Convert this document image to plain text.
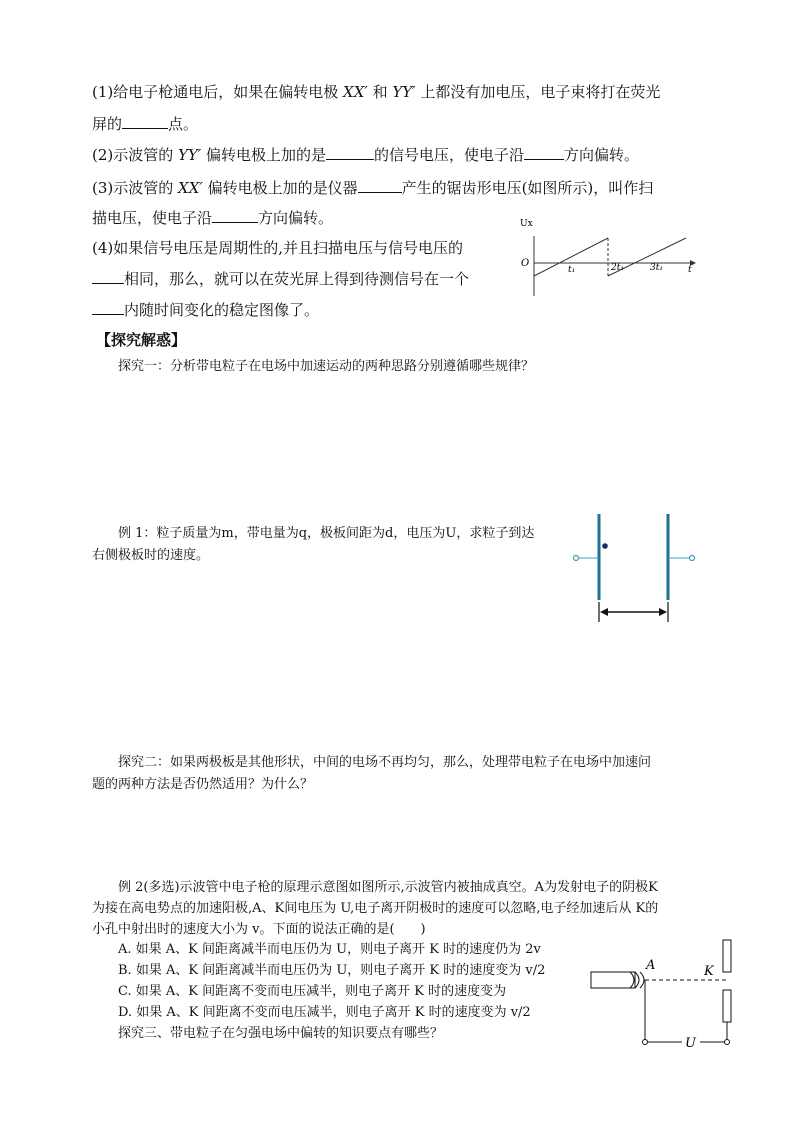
(1)给电子枪通电后，如果在偏转电极 XX′ 和 YY′ 上都没有加电压，电子束将打在荧光
屏的	点。
(2)示波管的 YY′ 偏转电极上加的是	的信号电压，使电子沿	方向偏转。
(3)示波管的 XX′ 偏转电极上加的是仪器	产生的锯齿形电压(如图所示)，叫作扫
描电压，使电子沿	方向偏转。
(4)如果信号电压是周期性的,并且扫描电压与信号电压的
相同，那么，就可以在荧光屏上得到待测信号在一个
内随时间变化的稳定图像了。
Ux
O
t₁	2t₁	3t₁	t
【探究解惑】
探究一：分析带电粒子在电场中加速运动的两种思路分别遵循哪些规律？
例 1：粒子质量为m，带电量为q，极板间距为d，电压为U，求粒子到达
右侧极板时的速度。
探究二：如果两极板是其他形状，中间的电场不再均匀，那么，处理带电粒子在电场中加速问
题的两种方法是否仍然适用？为什么？
例 2(多选)示波管中电子枪的原理示意图如图所示,示波管内被抽成真空。A为发射电子的阴极K
为接在高电势点的加速阳极,A、K间电压为 U,电子离开阴极时的速度可以忽略,电子经加速后从 K的
小孔中射出时的速度大小为 v。下面的说法正确的是(　　)
A. 如果 A、K 间距离减半而电压仍为 U，则电子离开 K 时的速度仍为 2v
B. 如果 A、K 间距离减半而电压仍为 U，则电子离开 K 时的速度变为 v/2
C. 如果 A、K 间距离不变而电压减半，则电子离开 K 时的速度变为
D. 如果 A、K 间距离不变而电压减半，则电子离开 K 时的速度变为 v/2
探究三、带电粒子在匀强电场中偏转的知识要点有哪些？
A	K
U
